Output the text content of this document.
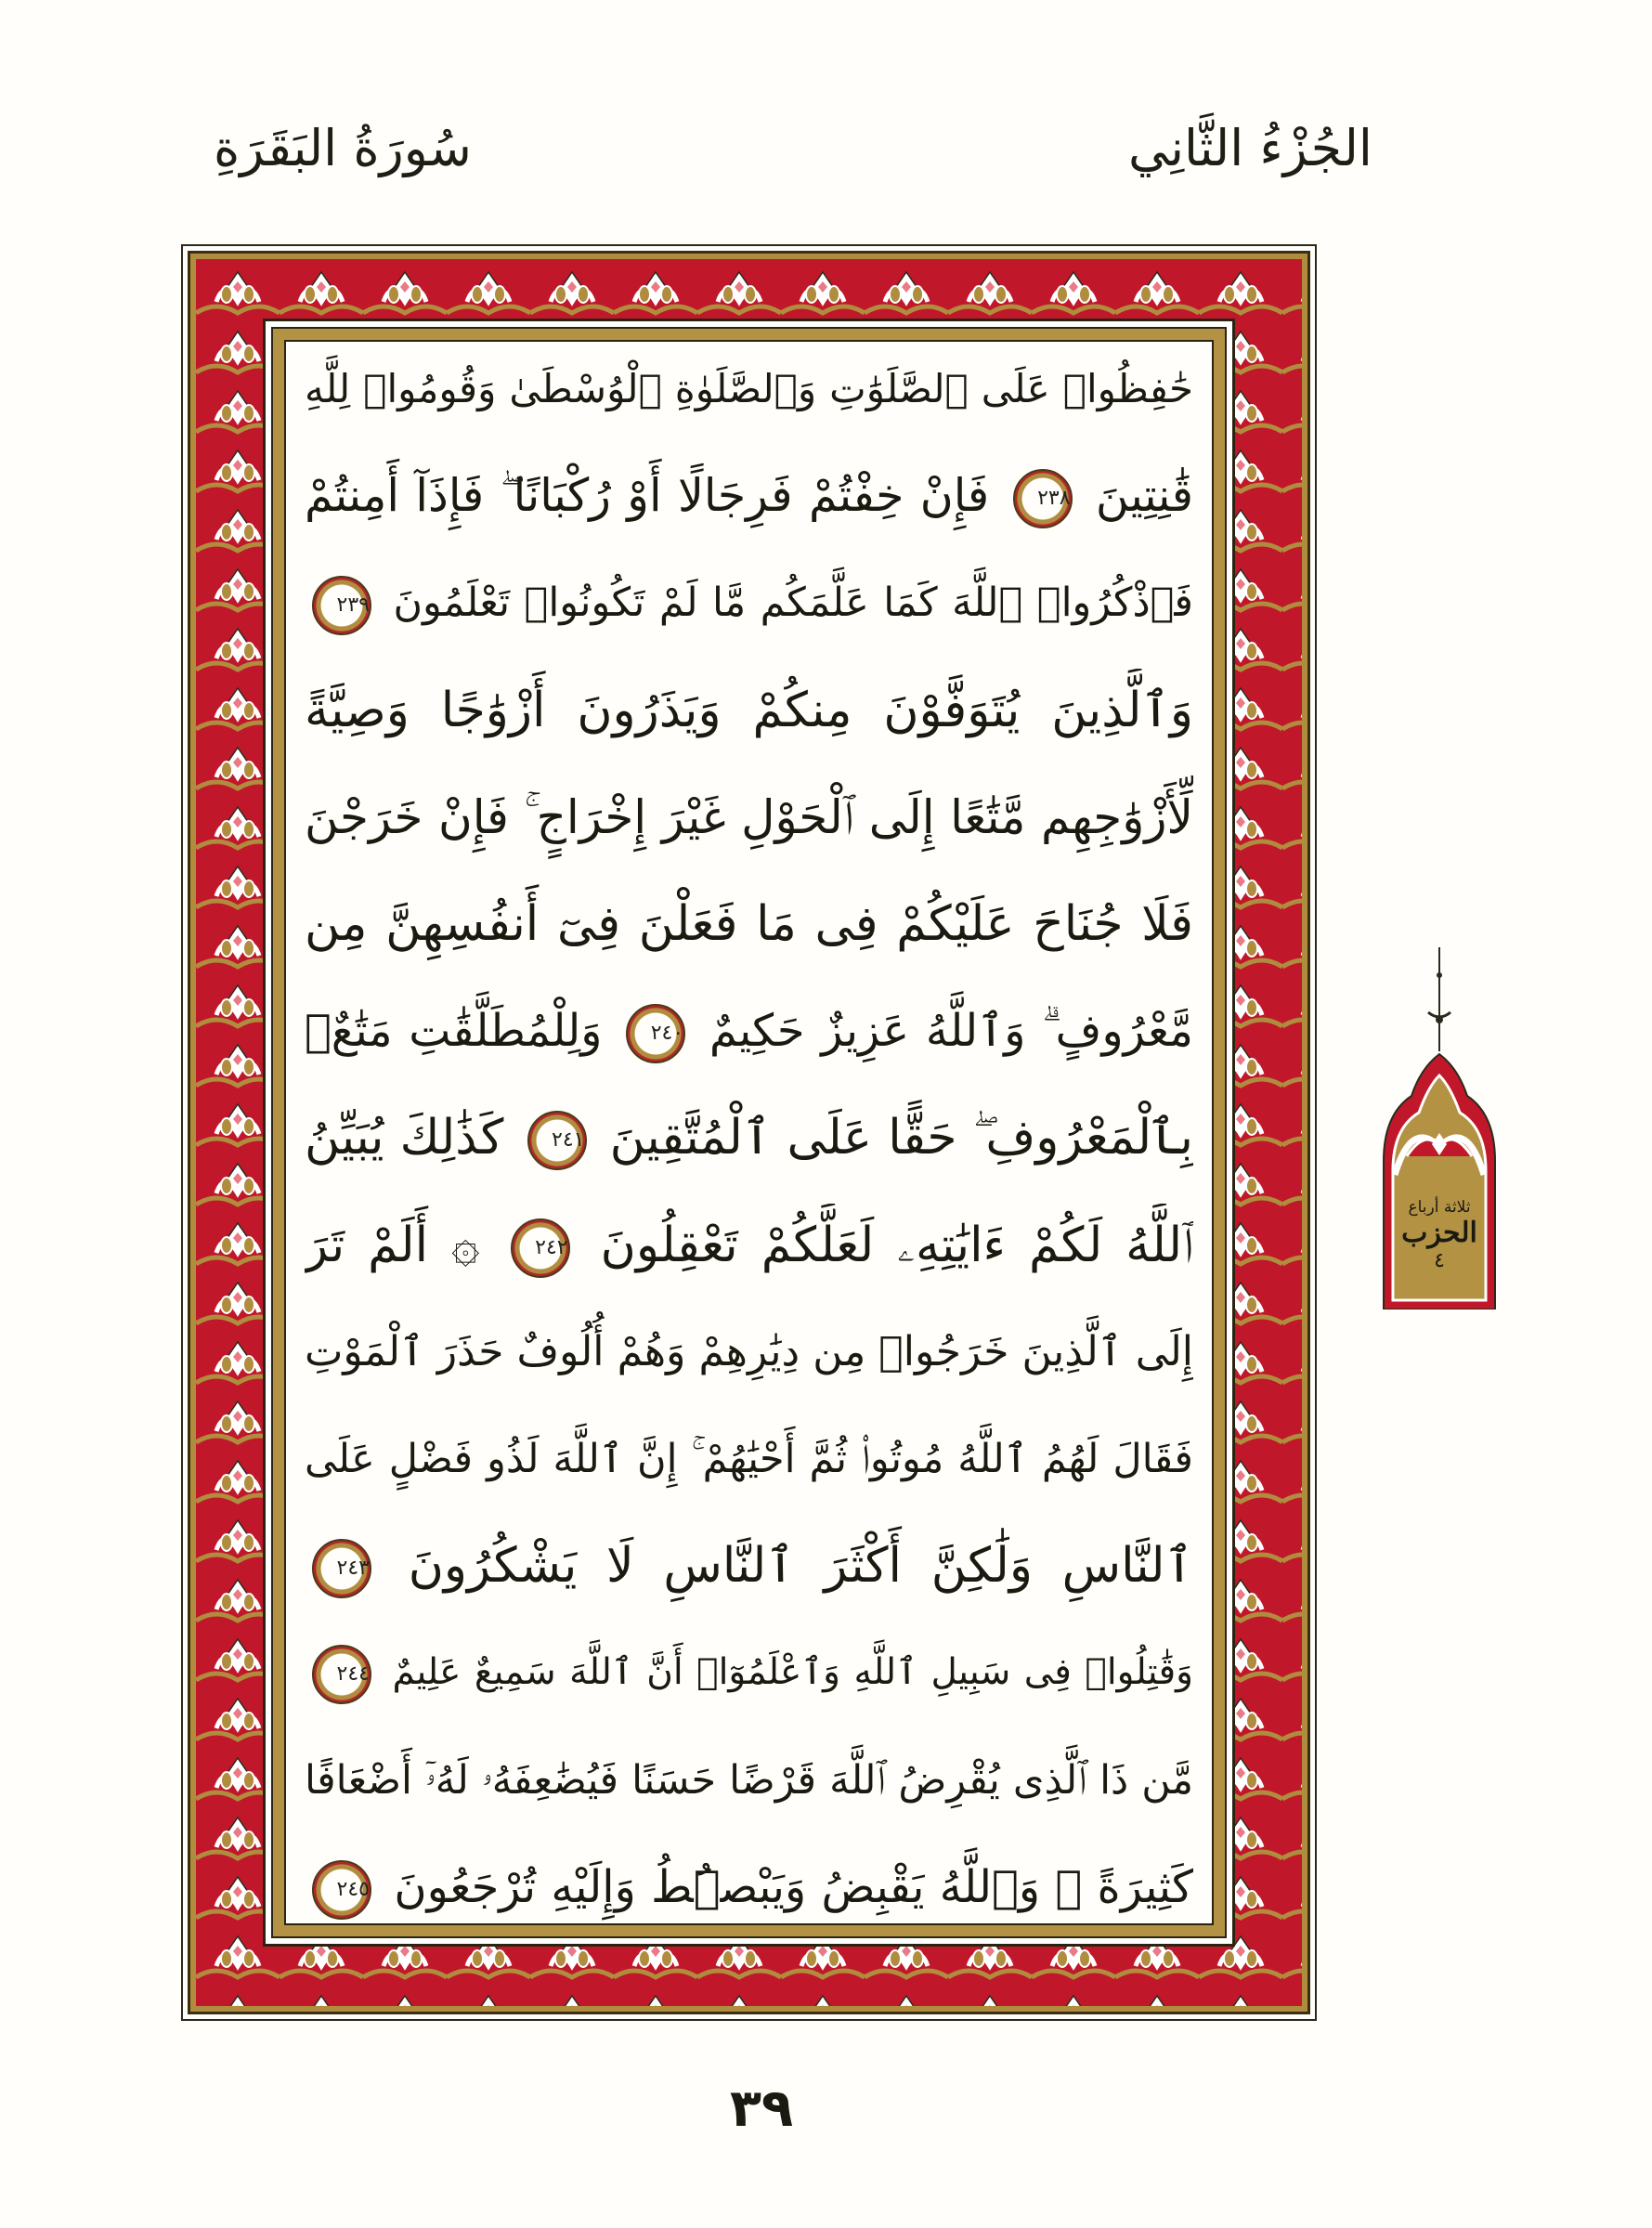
سُورَةُ البَقَرَةِ	الجُزْءُ الثَّانِي
حَٰفِظُوا۟ عَلَى ٱلصَّلَوَٰتِ وَٱلصَّلَوٰةِ ٱلْوُسْطَىٰ وَقُومُوا۟ لِلَّهِ
قَٰنِتِينَ ٢٣٨ فَإِنْ خِفْتُمْ فَرِجَالًا أَوْ رُكْبَانًا ۖ فَإِذَآ أَمِنتُمْ
فَٱذْكُرُوا۟ ٱللَّهَ كَمَا عَلَّمَكُم مَّا لَمْ تَكُونُوا۟ تَعْلَمُونَ ٢٣٩
وَٱلَّذِينَ يُتَوَفَّوْنَ مِنكُمْ وَيَذَرُونَ أَزْوَٰجًا وَصِيَّةً
لِّأَزْوَٰجِهِم مَّتَٰعًا إِلَى ٱلْحَوْلِ غَيْرَ إِخْرَاجٍ ۚ فَإِنْ خَرَجْنَ
فَلَا جُنَاحَ عَلَيْكُمْ فِى مَا فَعَلْنَ فِىٓ أَنفُسِهِنَّ مِن
مَّعْرُوفٍ ۗ وَٱللَّهُ عَزِيزٌ حَكِيمٌ ٢٤٠ وَلِلْمُطَلَّقَٰتِ مَتَٰعٌۢ
بِٱلْمَعْرُوفِ ۖ حَقًّا عَلَى ٱلْمُتَّقِينَ ٢٤١ كَذَٰلِكَ يُبَيِّنُ
ٱللَّهُ لَكُمْ ءَايَٰتِهِۦ لَعَلَّكُمْ تَعْقِلُونَ ٢٤٢ ۞ أَلَمْ تَرَ
إِلَى ٱلَّذِينَ خَرَجُوا۟ مِن دِيَٰرِهِمْ وَهُمْ أُلُوفٌ حَذَرَ ٱلْمَوْتِ
فَقَالَ لَهُمُ ٱللَّهُ مُوتُوا۟ ثُمَّ أَحْيَٰهُمْ ۚ إِنَّ ٱللَّهَ لَذُو فَضْلٍ عَلَى
ٱلنَّاسِ وَلَٰكِنَّ أَكْثَرَ ٱلنَّاسِ لَا يَشْكُرُونَ ٢٤٣
وَقَٰتِلُوا۟ فِى سَبِيلِ ٱللَّهِ وَٱعْلَمُوٓا۟ أَنَّ ٱللَّهَ سَمِيعٌ عَلِيمٌ ٢٤٤
مَّن ذَا ٱلَّذِى يُقْرِضُ ٱللَّهَ قَرْضًا حَسَنًا فَيُضَٰعِفَهُۥ لَهُۥٓ أَضْعَافًا
كَثِيرَةً ۚ وَٱللَّهُ يَقْبِضُ وَيَبْصُۜطُ وَإِلَيْهِ تُرْجَعُونَ ٢٤٥
ثلاثة أرباع
الحزب
٤
٣٩
